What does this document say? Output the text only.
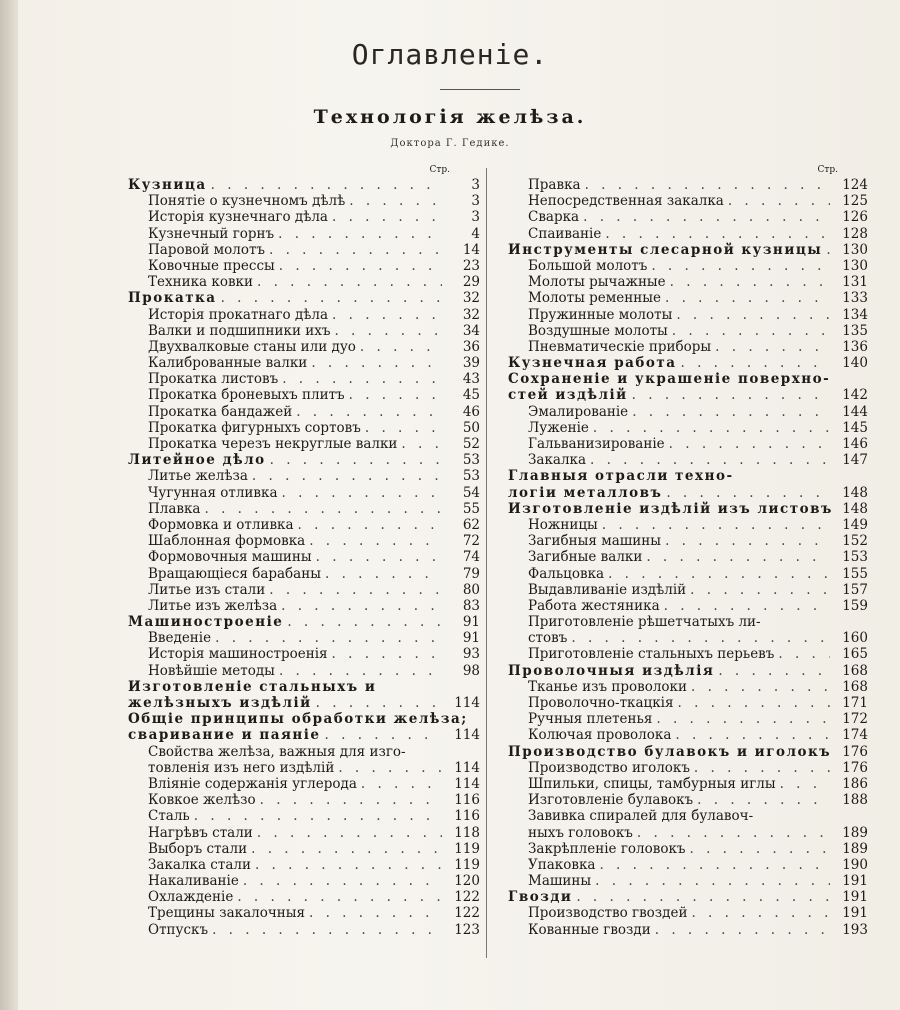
Оглавленіе.
Технологія желѣза.
Доктора Г. Гедике.
Стр.
Кузница . . .	3
Понятіе о кузнечномъ дѣлѣ . . .	3
Исторія кузнечнаго дѣла . . .	3
Кузнечный горнъ . . .	4
Паровой молотъ . . .	14
Ковочные прессы . . .	23
Техника ковки . . .	29
Прокатка . . .	32
Исторія прокатнаго дѣла . . .	32
Валки и подшипники ихъ . . .	34
Двухвалковые станы или дуо . . .	36
Калиброванные валки . . .	39
Прокатка листовъ . . .	43
Прокатка броневыхъ плитъ . . .	45
Прокатка бандажей . . .	46
Прокатка фигурныхъ сортовъ . . .	50
Прокатка черезъ некруглые валки . . .	52
Литейное дѣло . . .	53
Литье желѣза . . .	53
Чугунная отливка . . .	54
Плавка . . .	55
Формовка и отливка . . .	62
Шаблонная формовка . . .	72
Формовочныя машины . . .	74
Вращающіеся барабаны . . .	79
Литье изъ стали . . .	80
Литье изъ желѣза . . .	83
Машиностроеніе . . .	91
Введеніе . . .	91
Исторія машиностроенія . . .	93
Новѣйшіе методы . . .	98
Изготовленіе стальныхъ и
желѣзныхъ издѣлій . . .	114
Общіе принципы обработки желѣза;
сваривание и паяніе . . .	114
Свойства желѣза, важныя для изго-
товленія изъ него издѣлій . . .	114
Вліяніе содержанія углерода . . .	114
Ковкое желѣзо . . .	116
Сталь . . .	116
Нагрѣвъ стали . . .	118
Выборъ стали . . .	119
Закалка стали . . .	119
Накаливаніе . . .	120
Охлажденіе . . .	122
Трещины закалочныя . . .	122
Отпускъ . . .	123
Стр.
Правка . . .	124
Непосредственная закалка . . .	125
Сварка . . .	126
Спаиваніе . . .	128
Инструменты слесарной кузницы . . .	130
Большой молотъ . . .	130
Молоты рычажные . . .	131
Молоты ременные . . .	133
Пружинные молоты . . .	134
Воздушные молоты . . .	135
Пневматическіе приборы . . .	136
Кузнечная работа . . .	140
Сохраненіе и украшеніе поверхно-
стей издѣлій . . .	142
Эмалированіе . . .	144
Луженіе . . .	145
Гальванизированіе . . .	146
Закалка . . .	147
Главныя отрасли техно-
логіи металловъ . . .	148
Изготовленіе издѣлій изъ листовъ . . . 148
Ножницы . . .	149
Загибныя машины . . .	152
Загибные валки . . .	153
Фальцовка . . .	155
Выдавливаніе издѣлій . . .	157
Работа жестяника . . .	159
Приготовленіе рѣшетчатыхъ ли-
стовъ . . .	160
Приготовленіе стальныхъ перьевъ . . .	165
Проволочныя издѣлія . . .	168
Тканье изъ проволоки . . .	168
Проволочно-ткацкія . . .	171
Ручныя плетенья . . .	172
Колючая проволока . . .	174
Производство булавокъ и иголокъ . . . 176
Производство иголокъ . . .	176
Шпильки, спицы, тамбурныя иглы . . .	186
Изготовленіе булавокъ . . .	188
Завивка спиралей для булавоч-
ныхъ головокъ . . .	189
Закрѣпленіе головокъ . . .	189
Упаковка . . .	190
Машины . . .	191
Гвозди . . .	191
Производство гвоздей . . .	191
Кованные гвозди . . .	193
